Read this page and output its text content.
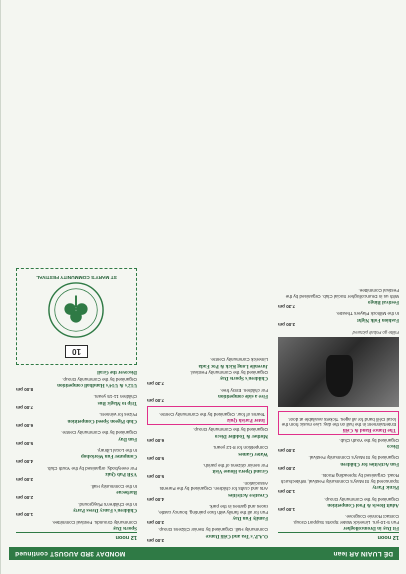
DÉ LUAIN AR lean
MONDAY 3RD AUGUST continued
12 noon
Fit Day in Dromcollogher
Fun 5-10-yrs. Limerick Water Sports Support Group. Contact Ronnie Cosgrove.
1.00 pm
Adult Bowls & Pool Competition
Organised by the Community Group.
1.30 pm
Picnic Party
Sponsored by St Mary's Community Festival, Whitechurch Road. Organised by Spreading Roots.
2.00 pm
Fun Activities for Children
Organised by St Mary's Community Festival.
3.00 pm
Disco
Organised by the Youth Club.
The Dance Band & Céilí
Entertainment in the hall on the day. Live music from the local Céilí band for all ages. Tickets available at door.
Fáilte go Pobal! pictured
3.00 pm
Fashion Folk Night
In the Millrock Players Theatre.
7.30 pm
Festival Bingo
With us in Drumcollogher Social Club. Organised by the Festival Committee.
3.00 pm
O.A.P.'s Tea and Céilí Dance
Community Hall. Organised by Senior Citizens Group.
3.00 pm
Family Fun Day
Fun for all the family with face painting, bouncy castle, races and games in the park.
4.00 pm
Creative Activities
Arts and crafts for children. Organised by the Parents Association.
5.00 pm
Grand Opera House Visit
For senior citizens of the parish.
5.00 pm
Water Games
Competition for 8-12 years.
6.00 pm
Mother & Toddler Disco
Organised by the Community Group.
Inter Parish Quiz
Teams of four. Organised by the Community Centre.
7.00 pm
Five a side competition
For children. Entry free.
7.30 pm
Children's Sports Day
Organised by the Community Festival.
Juvenile Long Kick & Poc Fada
Limerick Community Centre.
12 noon
Sports Day
Community Grounds. Festival Committee.
1.00 pm
Children's Fancy Dress Party
In the Children's Playground.
2.00 pm
Barbecue
In the Community Hall.
3.00 pm
VSB Pub Quiz
For everybody, organised by the Youth Club.
4.00 pm
Computer Fun Workshop
In the Local Library.
5.00 pm
Fun Day
Organised by the Community Centre.
6.00 pm
Club Pigeon Speed Competition
Prizes for winners.
7.00 pm
Trip to Magic Bus
Children 11-15 years.
8.00 pm
U12's & U14's Handball competition
Organised by the Community Group.
Discover the Grail
10
ST MARY'S COMMUNITY FESTIVAL
